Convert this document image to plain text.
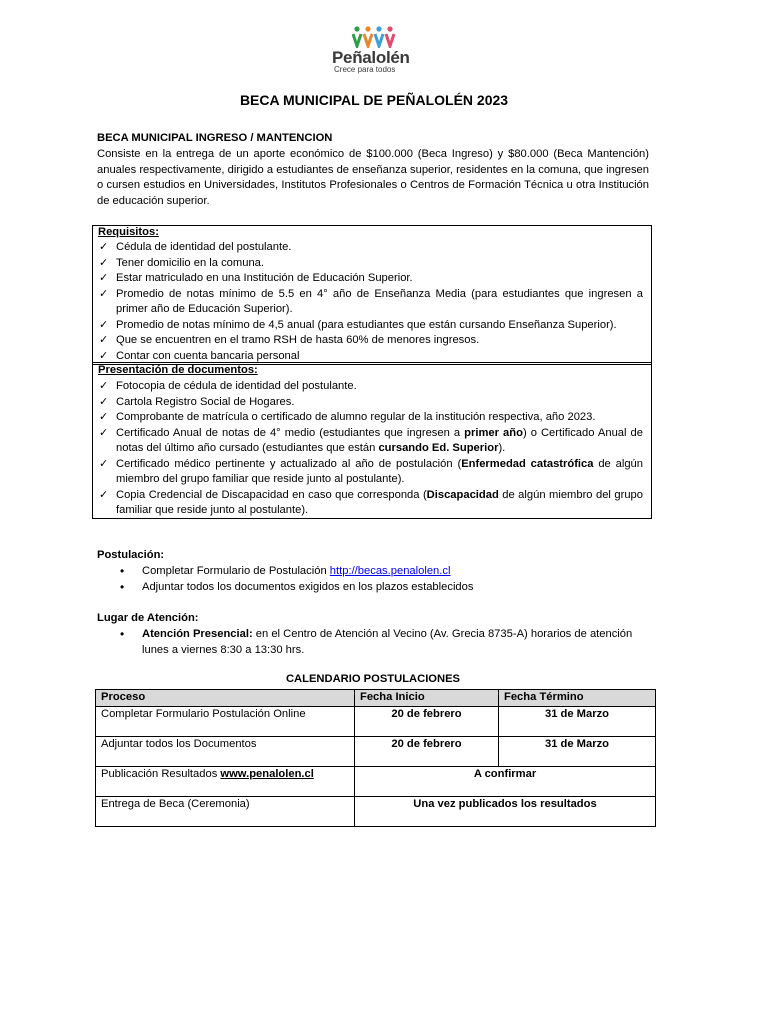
Peñalolén
Crece para todos
BECA MUNICIPAL DE PEÑALOLÉN 2023
BECA MUNICIPAL INGRESO / MANTENCION
Consiste en la entrega de un aporte económico de $100.000 (Beca Ingreso) y $80.000 (Beca Mantención) anuales respectivamente, dirigido a estudiantes de enseñanza superior, residentes en la comuna, que ingresen o cursen estudios en Universidades, Institutos Profesionales o Centros de Formación Técnica u otra Institución de educación superior.
Requisitos:
✓ Cédula de identidad del postulante.
✓ Tener domicilio en la comuna.
✓ Estar matriculado en una Institución de Educación Superior.
✓ Promedio de notas mínimo de 5.5 en 4° año de Enseñanza Media (para estudiantes que ingresen a primer año de Educación Superior).
✓ Promedio de notas mínimo de 4,5 anual (para estudiantes que están cursando Enseñanza Superior).
✓ Que se encuentren en el tramo RSH de hasta 60% de menores ingresos.
✓ Contar con cuenta bancaria personal
Presentación de documentos:
✓ Fotocopia de cédula de identidad del postulante.
✓ Cartola Registro Social de Hogares.
✓ Comprobante de matrícula o certificado de alumno regular de la institución respectiva, año 2023.
✓ Certificado Anual de notas de 4° medio (estudiantes que ingresen a primer año) o Certificado Anual de notas del último año cursado (estudiantes que están cursando Ed. Superior).
✓ Certificado médico pertinente y actualizado al año de postulación (Enfermedad catastrófica de algún miembro del grupo familiar que reside junto al postulante).
✓ Copia Credencial de Discapacidad en caso que corresponda (Discapacidad de algún miembro del grupo familiar que reside junto al postulante).
Postulación:
• Completar Formulario de Postulación http://becas.penalolen.cl
• Adjuntar todos los documentos exigidos en los plazos establecidos
Lugar de Atención:
• Atención Presencial: en el Centro de Atención al Vecino (Av. Grecia 8735-A) horarios de atención lunes a viernes 8:30 a 13:30 hrs.
CALENDARIO POSTULACIONES
Proceso	Fecha Inicio	Fecha Término
Completar Formulario Postulación Online	20 de febrero	31 de Marzo
Adjuntar todos los Documentos	20 de febrero	31 de Marzo
Publicación Resultados www.penalolen.cl	A confirmar	
Entrega de Beca (Ceremonia)	Una vez publicados los resultados	
